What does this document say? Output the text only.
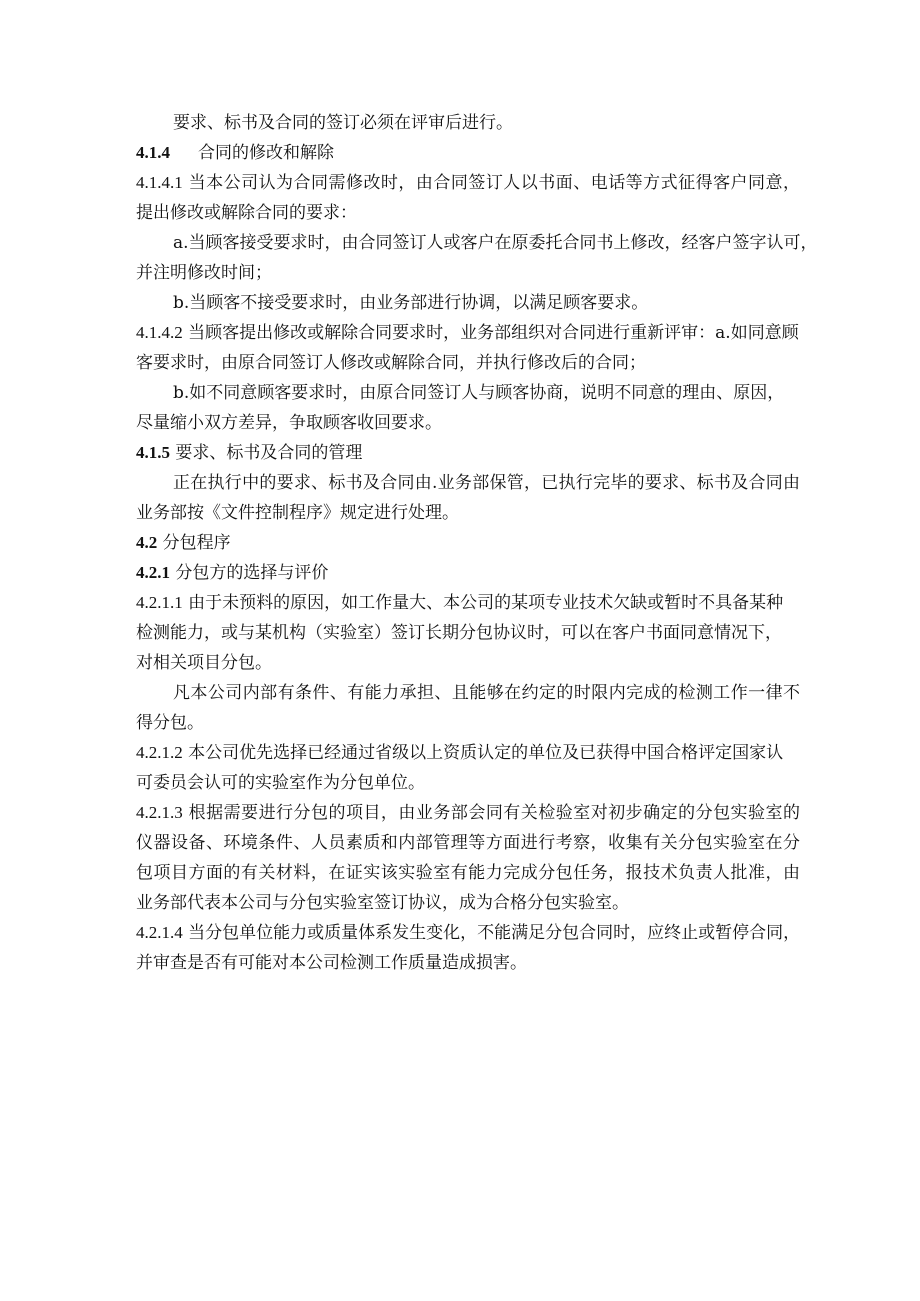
要求、标书及合同的签订必须在评审后进行。
4.1.4 合同的修改和解除
4.1.4.1 当本公司认为合同需修改时，由合同签订人以书面、电话等方式征得客户同意，
提出修改或解除合同的要求：
a.当顾客接受要求时，由合同签订人或客户在原委托合同书上修改，经客户签字认可，
并注明修改时间；
b.当顾客不接受要求时，由业务部进行协调，以满足顾客要求。
4.1.4.2 当顾客提出修改或解除合同要求时，业务部组织对合同进行重新评审：a.如同意顾
客要求时，由原合同签订人修改或解除合同，并执行修改后的合同；
b.如不同意顾客要求时，由原合同签订人与顾客协商，说明不同意的理由、原因，
尽量缩小双方差异，争取顾客收回要求。
4.1.5 要求、标书及合同的管理
正在执行中的要求、标书及合同由.业务部保管，已执行完毕的要求、标书及合同由
业务部按《文件控制程序》规定进行处理。
4.2 分包程序
4.2.1 分包方的选择与评价
4.2.1.1 由于未预料的原因，如工作量大、本公司的某项专业技术欠缺或暂时不具备某种
检测能力，或与某机构（实验室）签订长期分包协议时，可以在客户书面同意情况下，
对相关项目分包。
凡本公司内部有条件、有能力承担、且能够在约定的时限内完成的检测工作一律不
得分包。
4.2.1.2 本公司优先选择已经通过省级以上资质认定的单位及已获得中国合格评定国家认
可委员会认可的实验室作为分包单位。
4.2.1.3 根据需要进行分包的项目，由业务部会同有关检验室对初步确定的分包实验室的
仪器设备、环境条件、人员素质和内部管理等方面进行考察，收集有关分包实验室在分
包项目方面的有关材料，在证实该实验室有能力完成分包任务，报技术负责人批准，由
业务部代表本公司与分包实验室签订协议，成为合格分包实验室。
4.2.1.4 当分包单位能力或质量体系发生变化，不能满足分包合同时，应终止或暂停合同，
并审查是否有可能对本公司检测工作质量造成损害。
